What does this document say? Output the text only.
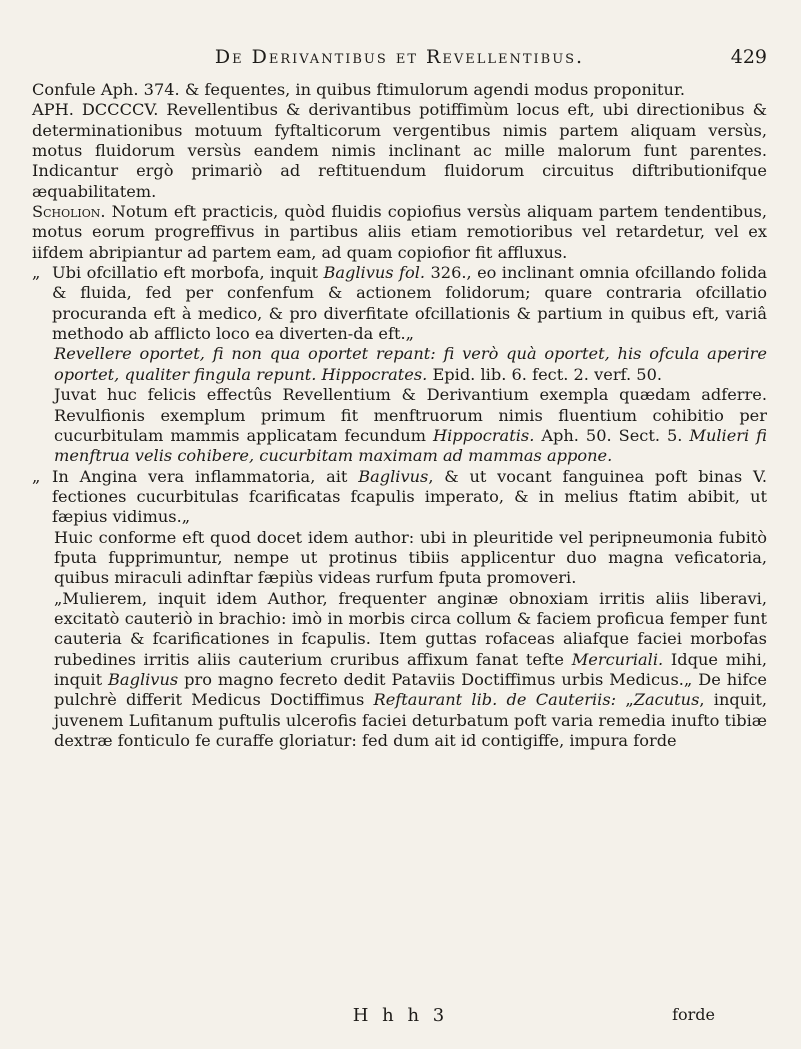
De Derivantibus et Revellentibus.	429

Confule Aph. 374. & fequentes, in quibus ftimulorum agendi modus proponitur.

APH. DCCCCV. Revellentibus & derivantibus potiffimùm locus eft, ubi directionibus & determinationibus motuum fyftalticorum vergentibus nimis partem aliquam versùs, motus fluidorum versùs eandem nimis inclinant ac mille malorum funt parentes. Indicantur ergò primariò ad reftituendum fluidorum circuitus diftributionifque æquabilitatem.

Scholion. Notum eft practicis, quòd fluidis copiofius versùs aliquam partem tendentibus, motus eorum progreffivus in partibus aliis etiam remotioribus vel retardetur, vel ex iifdem abripiantur ad partem eam, ad quam copiofior fit affluxus.

„ Ubi ofcillatio eft morbofa, inquit Baglivus fol. 326., eo inclinant omnia ofcillando folida & fluida, fed per confenfum & actionem folidorum; quare contraria ofcillatio procuranda eft à medico, & pro diverfitate ofcillationis & partium in quibus eft, variâ methodo ab afflicto loco ea diverten-da eft.„

Revellere oportet, fi non qua oportet repant: fi verò quà oportet, his ofcula aperire oportet, qualiter fingula repunt. Hippocrates. Epid. lib. 6. fect. 2. verf. 50.

Juvat huc felicis effectûs Revellentium & Derivantium exempla quædam adferre. Revulfionis exemplum primum fit menftruorum nimis fluentium cohibitio per cucurbitulam mammis applicatam fecundum Hippocratis. Aph. 50. Sect. 5. Mulieri fi menftrua velis cohibere, cucurbitam maximam ad mammas appone.

„ In Angina vera inflammatoria, ait Baglivus, & ut vocant fanguinea poft binas V. fectiones cucurbitulas fcarificatas fcapulis imperato, & in melius ftatim abibit, ut fæpius vidimus.„

Huic conforme eft quod docet idem author: ubi in pleuritide vel peripneumonia fubitò fputa fupprimuntur, nempe ut protinus tibiis applicentur duo magna veficatoria, quibus miraculi adinftar fæpiùs videas rurfum fputa promoveri.

„Mulierem, inquit idem Author, frequenter anginæ obnoxiam irritis aliis liberavi, excitatò cauteriò in brachio: imò in morbis circa collum & faciem proficua femper funt cauteria & fcarificationes in fcapulis. Item guttas rofaceas aliafque faciei morbofas rubedines irritis aliis cauterium cruribus affixum fanat tefte Mercuriali. Idque mihi, inquit Baglivus pro magno fecreto dedit Pataviis Doctiffimus urbis Medicus.„ De hifce pulchrè differit Medicus Doctiffimus Reftaurant lib. de Cauteriis: „Zacutus, inquit, juvenem Lufitanum puftulis ulcerofis faciei deturbatum poft varia remedia inufto tibiæ dextræ fonticulo fe curaffe gloriatur: fed dum ait id contigiffe, impura forde

H h h 3	forde
